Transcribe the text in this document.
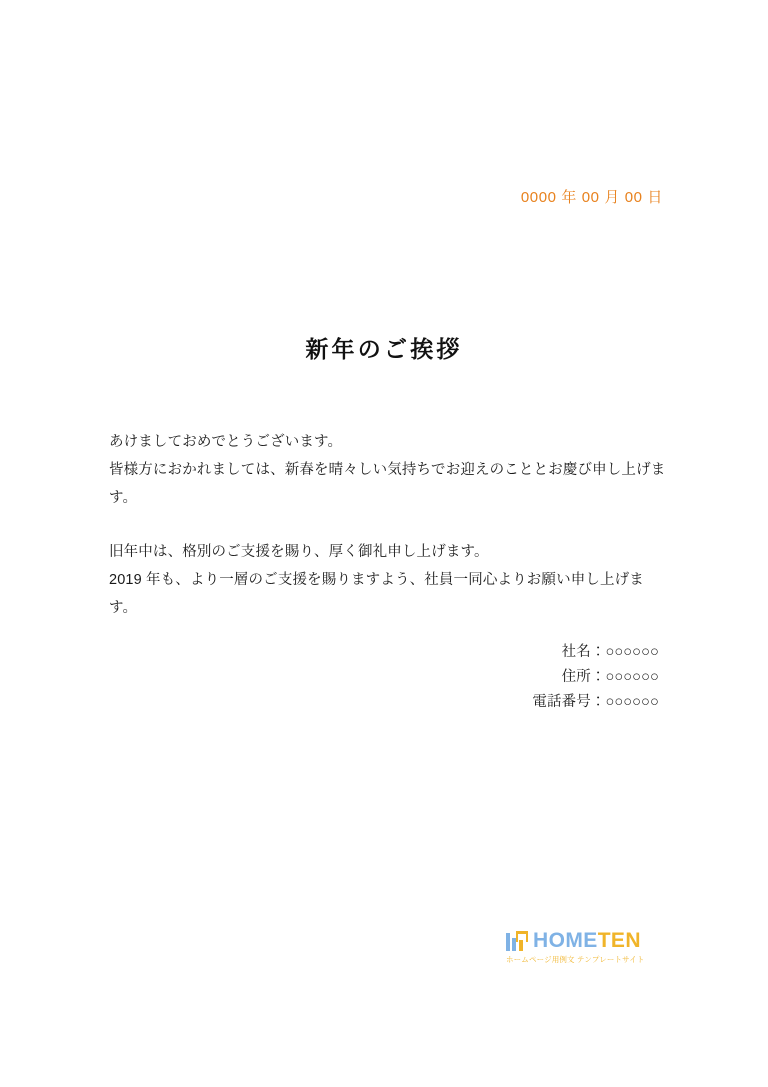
0000 年 00 月 00 日
新年のご挨拶

あけましておめでとうございます。

皆様方におかれましては、新春を晴々しい気持ちでお迎えのこととお慶び申し上げます。

旧年中は、格別のご支援を賜り、厚く御礼申し上げます。

2019 年も、より一層のご支援を賜りますよう、社員一同心よりお願い申し上げます。

社名：○○○○○○
住所：○○○○○○
電話番号：○○○○○○
HOMETEN
ホームページ用例文 テンプレートサイト
